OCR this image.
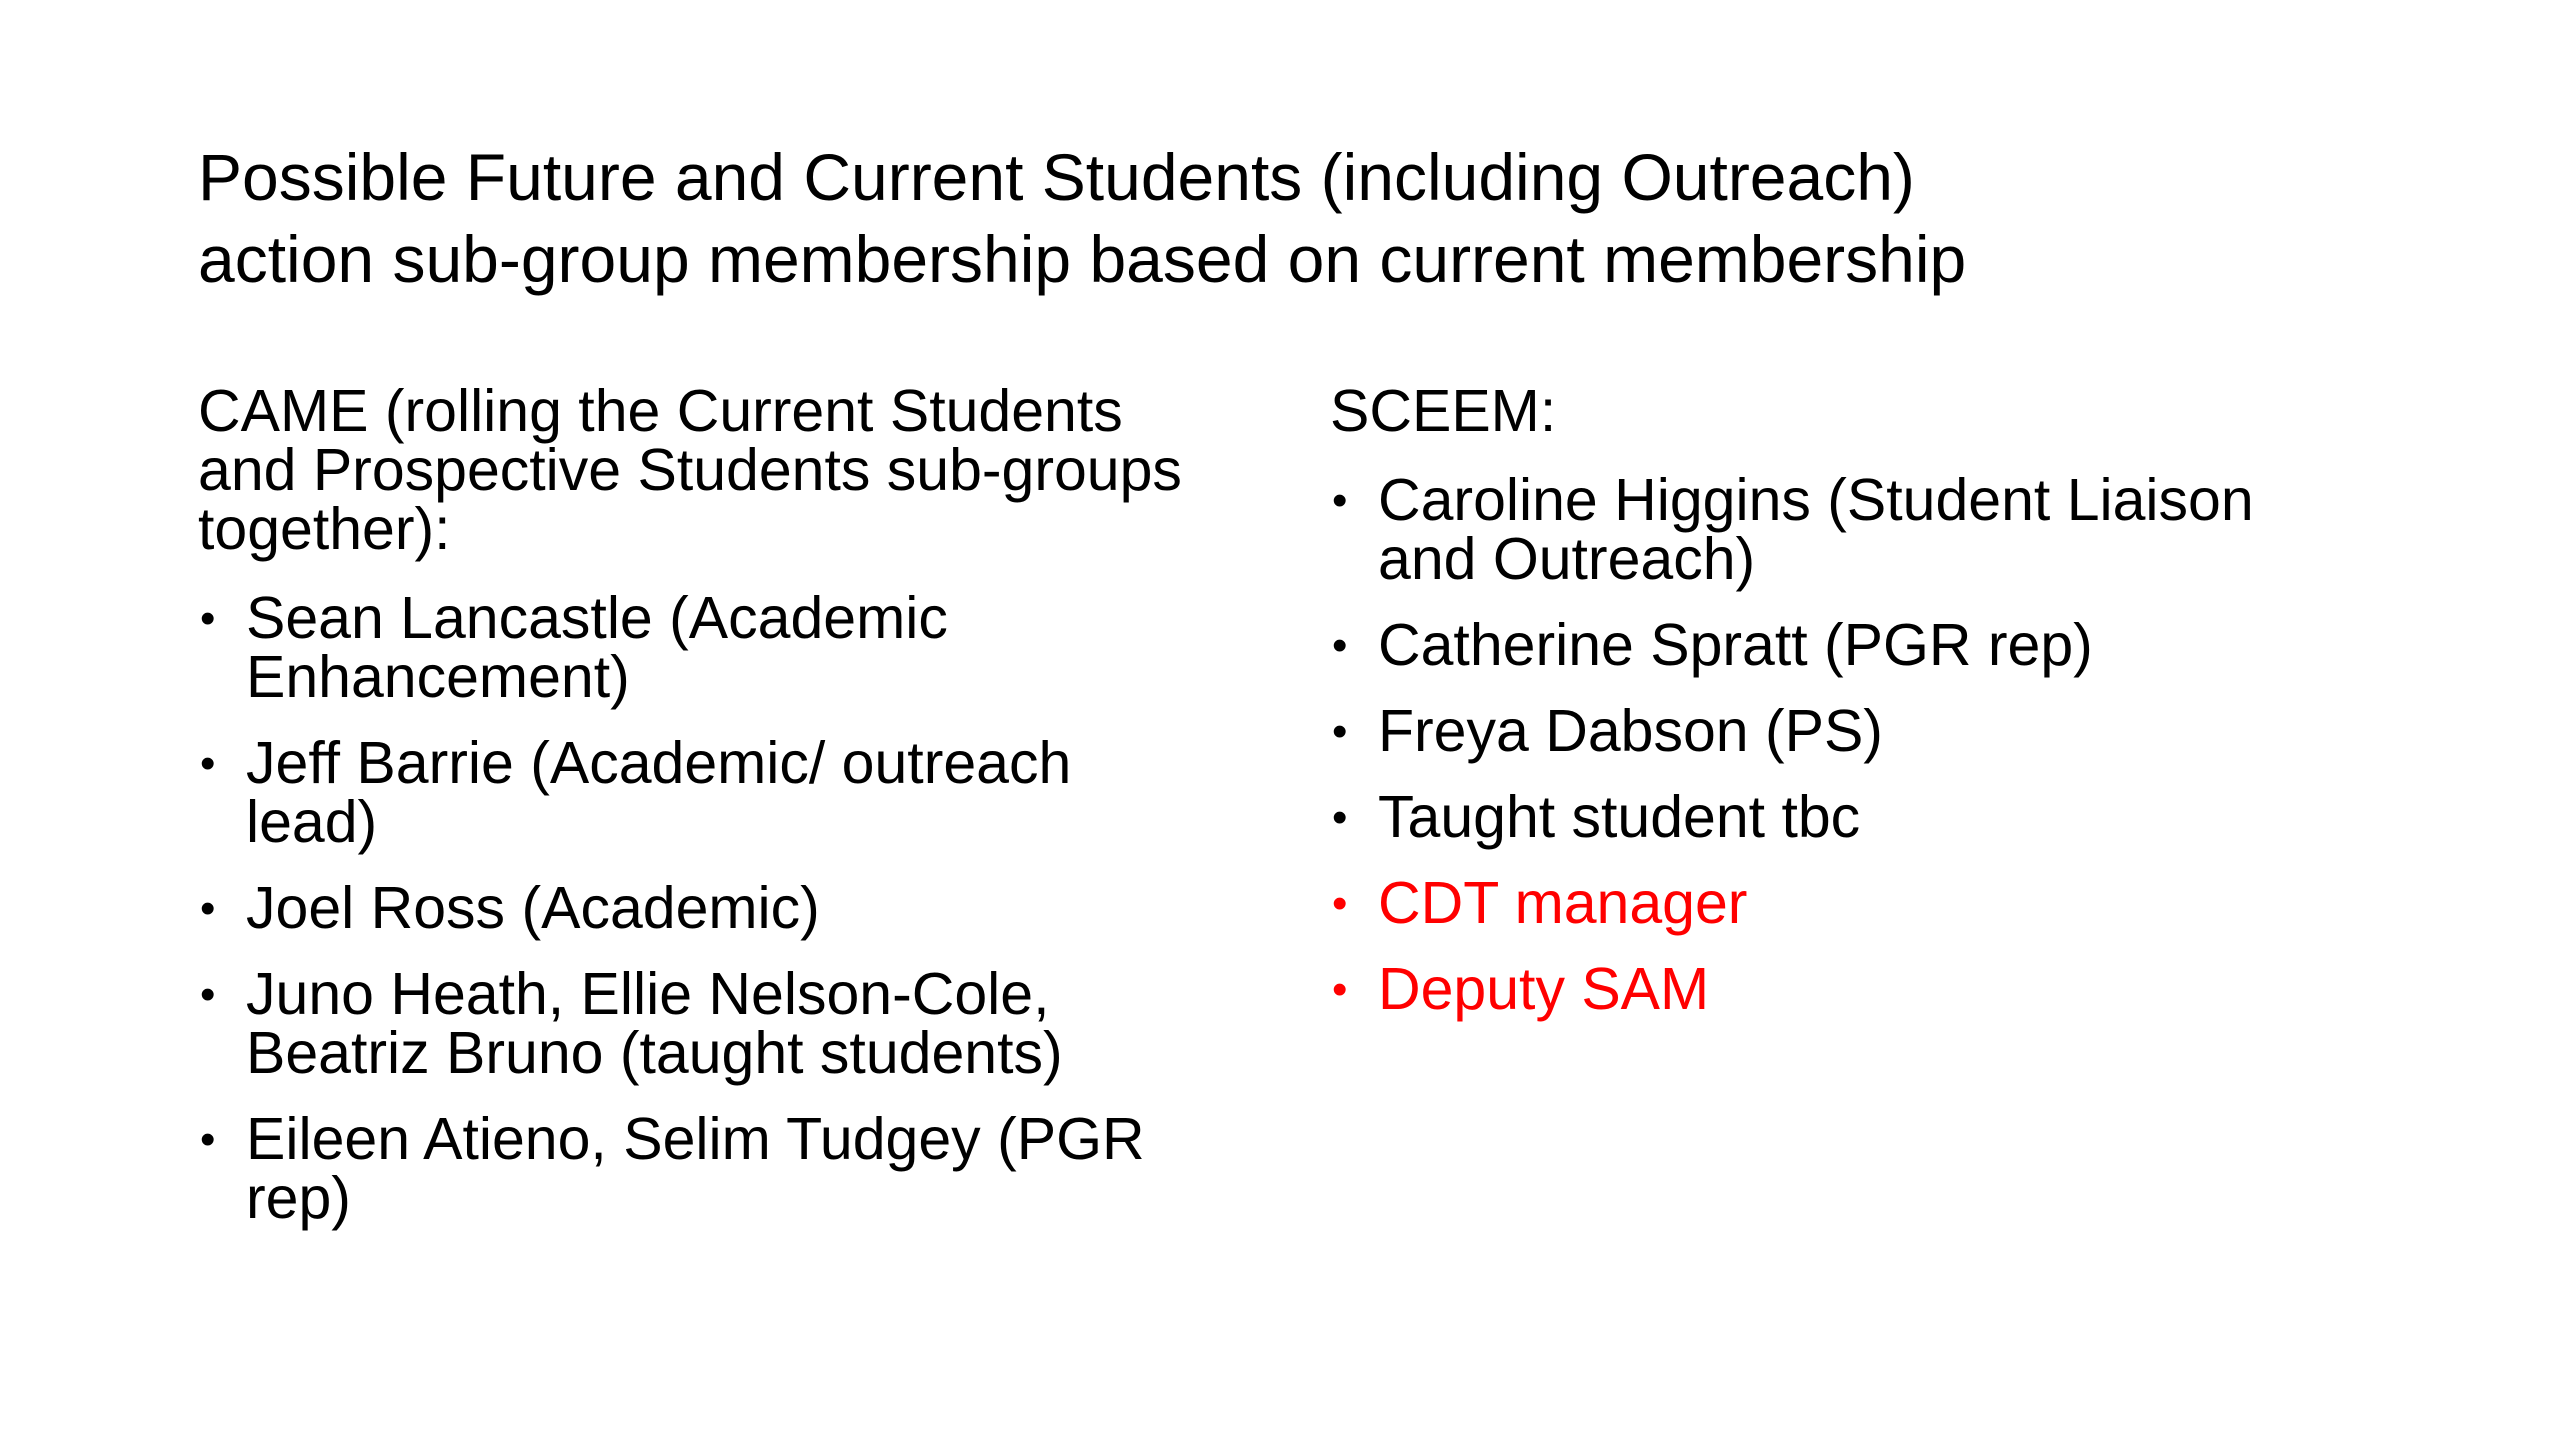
Possible Future and Current Students (including Outreach)
action sub-group membership based on current membership
CAME (rolling the Current Students
and Prospective Students sub-groups
together):
• Sean Lancastle (Academic
Enhancement)
• Jeff Barrie (Academic/ outreach
lead)
• Joel Ross (Academic)
• Juno Heath, Ellie Nelson-Cole,
Beatriz Bruno (taught students)
• Eileen Atieno, Selim Tudgey (PGR
rep)
SCEEM:
• Caroline Higgins (Student Liaison
and Outreach)
• Catherine Spratt (PGR rep)
• Freya Dabson (PS)
• Taught student tbc
• CDT manager
• Deputy SAM
